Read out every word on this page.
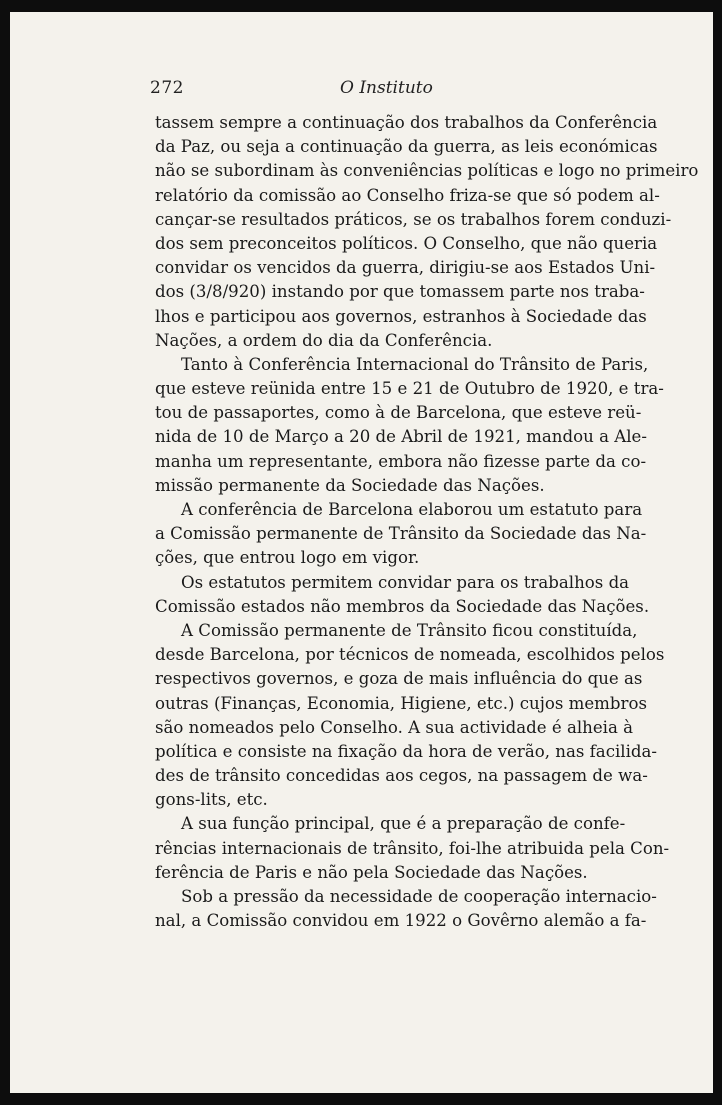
272	O Instituto
tassem sempre a continuação dos trabalhos da Conferência
da Paz, ou seja a continuação da guerra, as leis económicas
não se subordinam às conveniências políticas e logo no primeiro
relatório da comissão ao Conselho friza-se que só podem al-
cançar-se resultados práticos, se os trabalhos forem conduzi-
dos sem preconceitos políticos. O Conselho, que não queria
convidar os vencidos da guerra, dirigiu-se aos Estados Uni-
dos (3/8/920) instando por que tomassem parte nos traba-
lhos e participou aos governos, estranhos à Sociedade das
Nações, a ordem do dia da Conferência.
Tanto à Conferência Internacional do Trânsito de Paris,
que esteve reünida entre 15 e 21 de Outubro de 1920, e tra-
tou de passaportes, como à de Barcelona, que esteve reü-
nida de 10 de Março a 20 de Abril de 1921, mandou a Ale-
manha um representante, embora não fizesse parte da co-
missão permanente da Sociedade das Nações.
A conferência de Barcelona elaborou um estatuto para
a Comissão permanente de Trânsito da Sociedade das Na-
ções, que entrou logo em vigor.
Os estatutos permitem convidar para os trabalhos da
Comissão estados não membros da Sociedade das Nações.
A Comissão permanente de Trânsito ficou constituída,
desde Barcelona, por técnicos de nomeada, escolhidos pelos
respectivos governos, e goza de mais influência do que as
outras (Finanças, Economia, Higiene, etc.) cujos membros
são nomeados pelo Conselho. A sua actividade é alheia à
política e consiste na fixação da hora de verão, nas facilida-
des de trânsito concedidas aos cegos, na passagem de wa-
gons-lits, etc.
A sua função principal, que é a preparação de confe-
rências internacionais de trânsito, foi-lhe atribuida pela Con-
ferência de Paris e não pela Sociedade das Nações.
Sob a pressão da necessidade de cooperação internacio-
nal, a Comissão convidou em 1922 o Govêrno alemão a fa-
